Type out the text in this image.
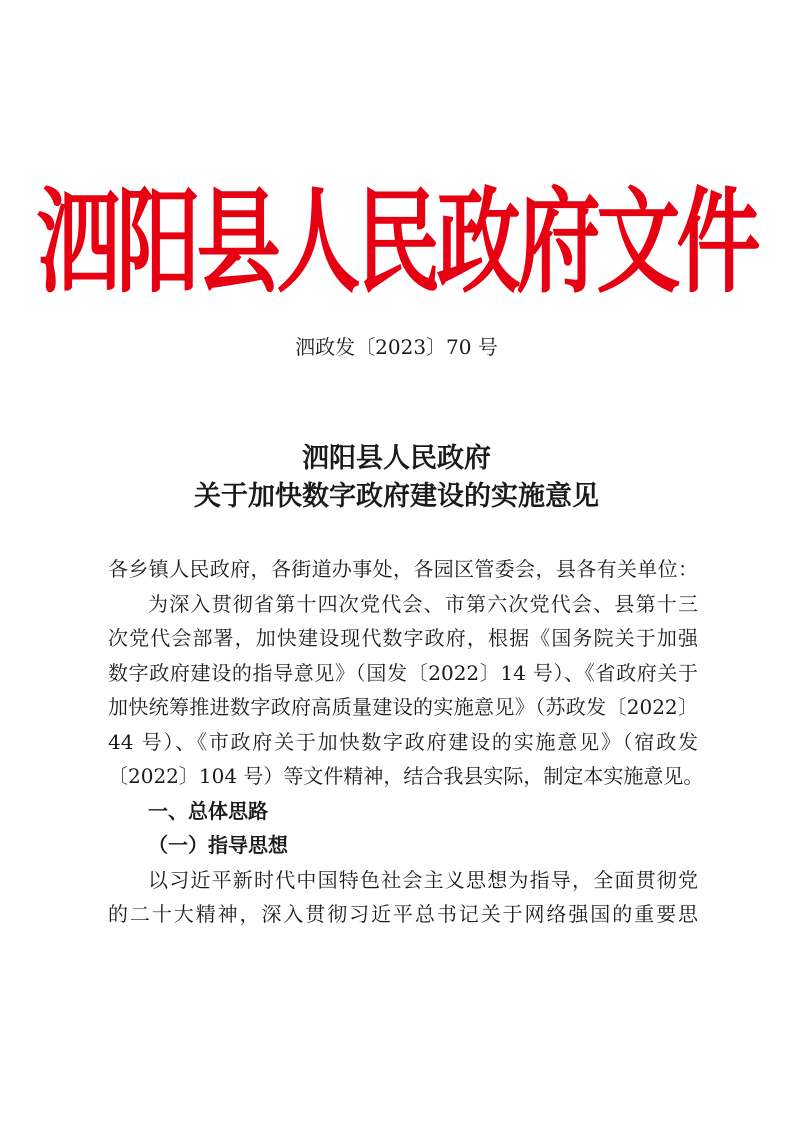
泗阳县人民政府文件
泗政发〔2023〕70 号
泗阳县人民政府
关于加快数字政府建设的实施意见
各乡镇人民政府，各街道办事处，各园区管委会，县各有关单位：
为深入贯彻省第十四次党代会、市第六次党代会、县第十三
次党代会部署，加快建设现代数字政府，根据《国务院关于加强
数字政府建设的指导意见》（国发〔2022〕14 号）、《省政府关于
加快统筹推进数字政府高质量建设的实施意见》（苏政发〔2022〕
44 号）、《市政府关于加快数字政府建设的实施意见》（宿政发
〔2022〕104 号）等文件精神，结合我县实际，制定本实施意见。
一、总体思路
（一）指导思想
以习近平新时代中国特色社会主义思想为指导，全面贯彻党
的二十大精神，深入贯彻习近平总书记关于网络强国的重要思
